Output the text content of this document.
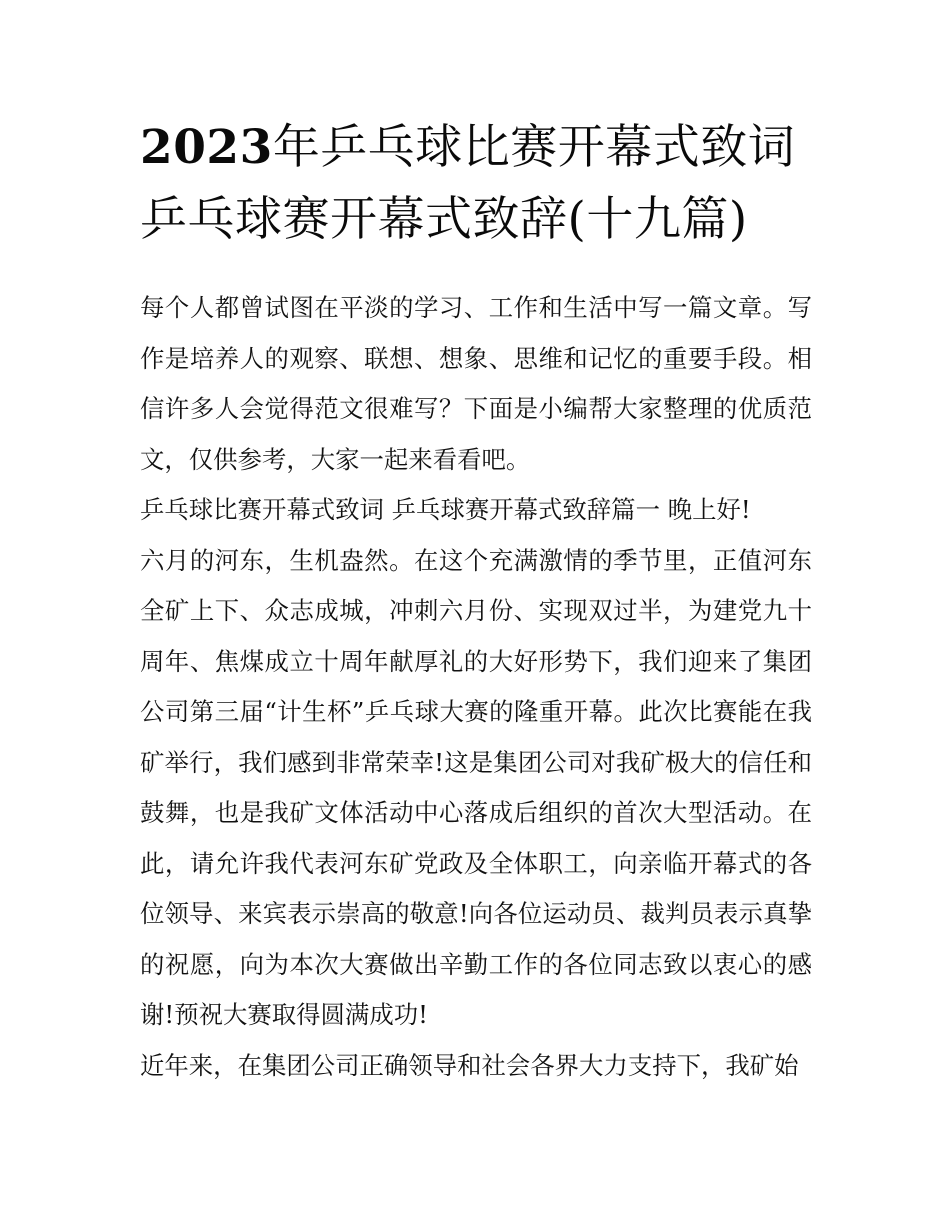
2023年乒乓球比赛开幕式致词
乒乓球赛开幕式致辞(十九篇)

每个人都曾试图在平淡的学习、工作和生活中写一篇文章。写作是培养人的观察、联想、想象、思维和记忆的重要手段。相信许多人会觉得范文很难写？下面是小编帮大家整理的优质范文，仅供参考，大家一起来看看吧。

乒乓球比赛开幕式致词 乒乓球赛开幕式致辞篇一 晚上好!

六月的河东，生机盎然。在这个充满激情的季节里，正值河东全矿上下、众志成城，冲刺六月份、实现双过半，为建党九十周年、焦煤成立十周年献厚礼的大好形势下，我们迎来了集团公司第三届“计生杯”乒乓球大赛的隆重开幕。此次比赛能在我矿举行，我们感到非常荣幸!这是集团公司对我矿极大的信任和鼓舞，也是我矿文体活动中心落成后组织的首次大型活动。在此，请允许我代表河东矿党政及全体职工，向亲临开幕式的各位领导、来宾表示崇高的敬意!向各位运动员、裁判员表示真挚的祝愿，向为本次大赛做出辛勤工作的各位同志致以衷心的感谢!预祝大赛取得圆满成功!

近年来，在集团公司正确领导和社会各界大力支持下，我矿始
